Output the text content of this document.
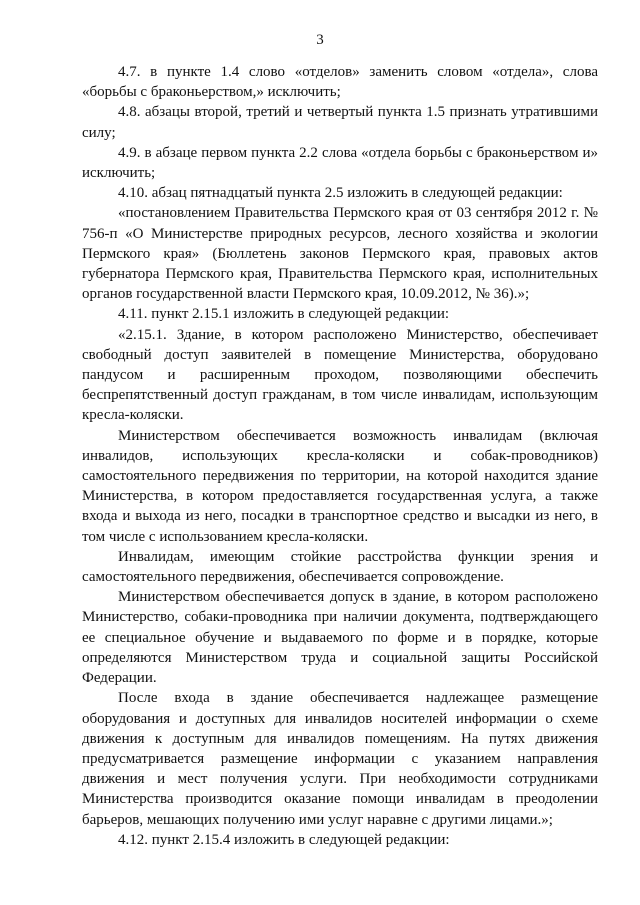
3

4.7. в пункте 1.4 слово «отделов» заменить словом «отдела», слова «борьбы с браконьерством,» исключить;

4.8. абзацы второй, третий и четвертый пункта 1.5 признать утратившими силу;

4.9. в абзаце первом пункта 2.2 слова «отдела борьбы с браконьерством и» исключить;

4.10. абзац пятнадцатый пункта 2.5 изложить в следующей редакции:

«постановлением Правительства Пермского края от 03 сентября 2012 г. № 756-п «О Министерстве природных ресурсов, лесного хозяйства и экологии Пермского края» (Бюллетень законов Пермского края, правовых актов губернатора Пермского края, Правительства Пермского края, исполнительных органов государственной власти Пермского края, 10.09.2012, № 36).»;

4.11. пункт 2.15.1 изложить в следующей редакции:

«2.15.1. Здание, в котором расположено Министерство, обеспечивает свободный доступ заявителей в помещение Министерства, оборудовано пандусом и расширенным проходом, позволяющими обеспечить беспрепятственный доступ гражданам, в том числе инвалидам, использующим кресла-коляски.

Министерством обеспечивается возможность инвалидам (включая инвалидов, использующих кресла-коляски и собак-проводников) самостоятельного передвижения по территории, на которой находится здание Министерства, в котором предоставляется государственная услуга, а также входа и выхода из него, посадки в транспортное средство и высадки из него, в том числе с использованием кресла-коляски.

Инвалидам, имеющим стойкие расстройства функции зрения и самостоятельного передвижения, обеспечивается сопровождение.

Министерством обеспечивается допуск в здание, в котором расположено Министерство, собаки-проводника при наличии документа, подтверждающего ее специальное обучение и выдаваемого по форме и в порядке, которые определяются Министерством труда и социальной защиты Российской Федерации.

После входа в здание обеспечивается надлежащее размещение оборудования и доступных для инвалидов носителей информации о схеме движения к доступным для инвалидов помещениям. На путях движения предусматривается размещение информации с указанием направления движения и мест получения услуги. При необходимости сотрудниками Министерства производится оказание помощи инвалидам в преодолении барьеров, мешающих получению ими услуг наравне с другими лицами.»;

4.12. пункт 2.15.4 изложить в следующей редакции:
